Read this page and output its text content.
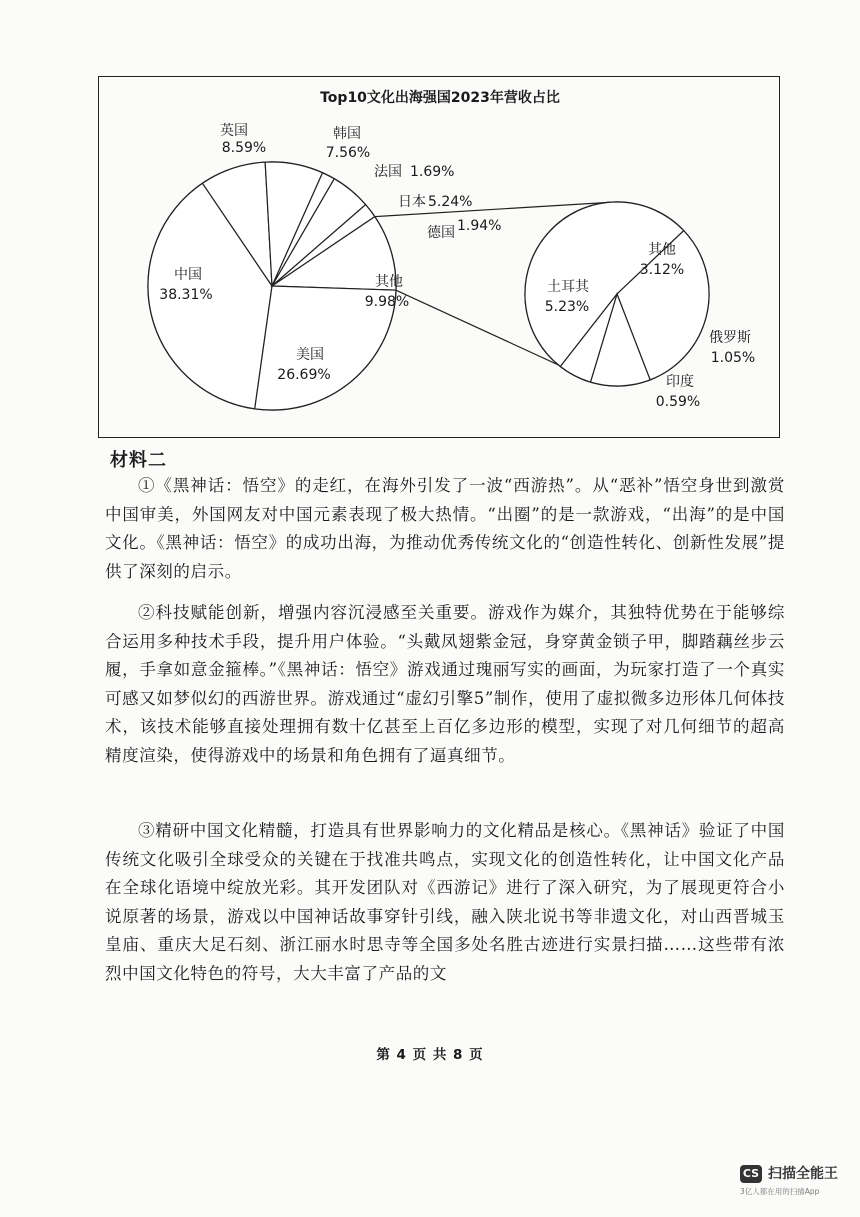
Top10文化出海强国2023年营收占比
英国
8.59%
韩国
7.56%
法国 1.69%
日本 5.24%
德国 1.94%
中国
38.31%
其他
9.98%
美国
26.69%
土耳其
5.23%
其他
3.12%
俄罗斯
1.05%
印度
0.59%
材料二
①《黑神话：悟空》的走红，在海外引发了一波“西游热”。从“恶补”悟空身世到激赏中国审美，外国网友对中国元素表现了极大热情。“出圈”的是一款游戏，“出海”的是中国文化。《黑神话：悟空》的成功出海，为推动优秀传统文化的“创造性转化、创新性发展”提供了深刻的启示。
②科技赋能创新，增强内容沉浸感至关重要。游戏作为媒介，其独特优势在于能够综合运用多种技术手段，提升用户体验。“头戴凤翅紫金冠，身穿黄金锁子甲，脚踏藕丝步云履，手拿如意金箍棒。”《黑神话：悟空》游戏通过瑰丽写实的画面，为玩家打造了一个真实可感又如梦似幻的西游世界。游戏通过“虚幻引擎5”制作，使用了虚拟微多边形体几何体技术，该技术能够直接处理拥有数十亿甚至上百亿多边形的模型，实现了对几何细节的超高精度渲染，使得游戏中的场景和角色拥有了逼真细节。
③精研中国文化精髓，打造具有世界影响力的文化精品是核心。《黑神话》验证了中国传统文化吸引全球受众的关键在于找准共鸣点，实现文化的创造性转化，让中国文化产品在全球化语境中绽放光彩。其开发团队对《西游记》进行了深入研究，为了展现更符合小说原著的场景，游戏以中国神话故事穿针引线，融入陕北说书等非遗文化，对山西晋城玉皇庙、重庆大足石刻、浙江丽水时思寺等全国多处名胜古迹进行实景扫描……这些带有浓烈中国文化特色的符号，大大丰富了产品的文
第 4 页 共 8 页
CS 扫描全能王
3亿人都在用的扫描App
